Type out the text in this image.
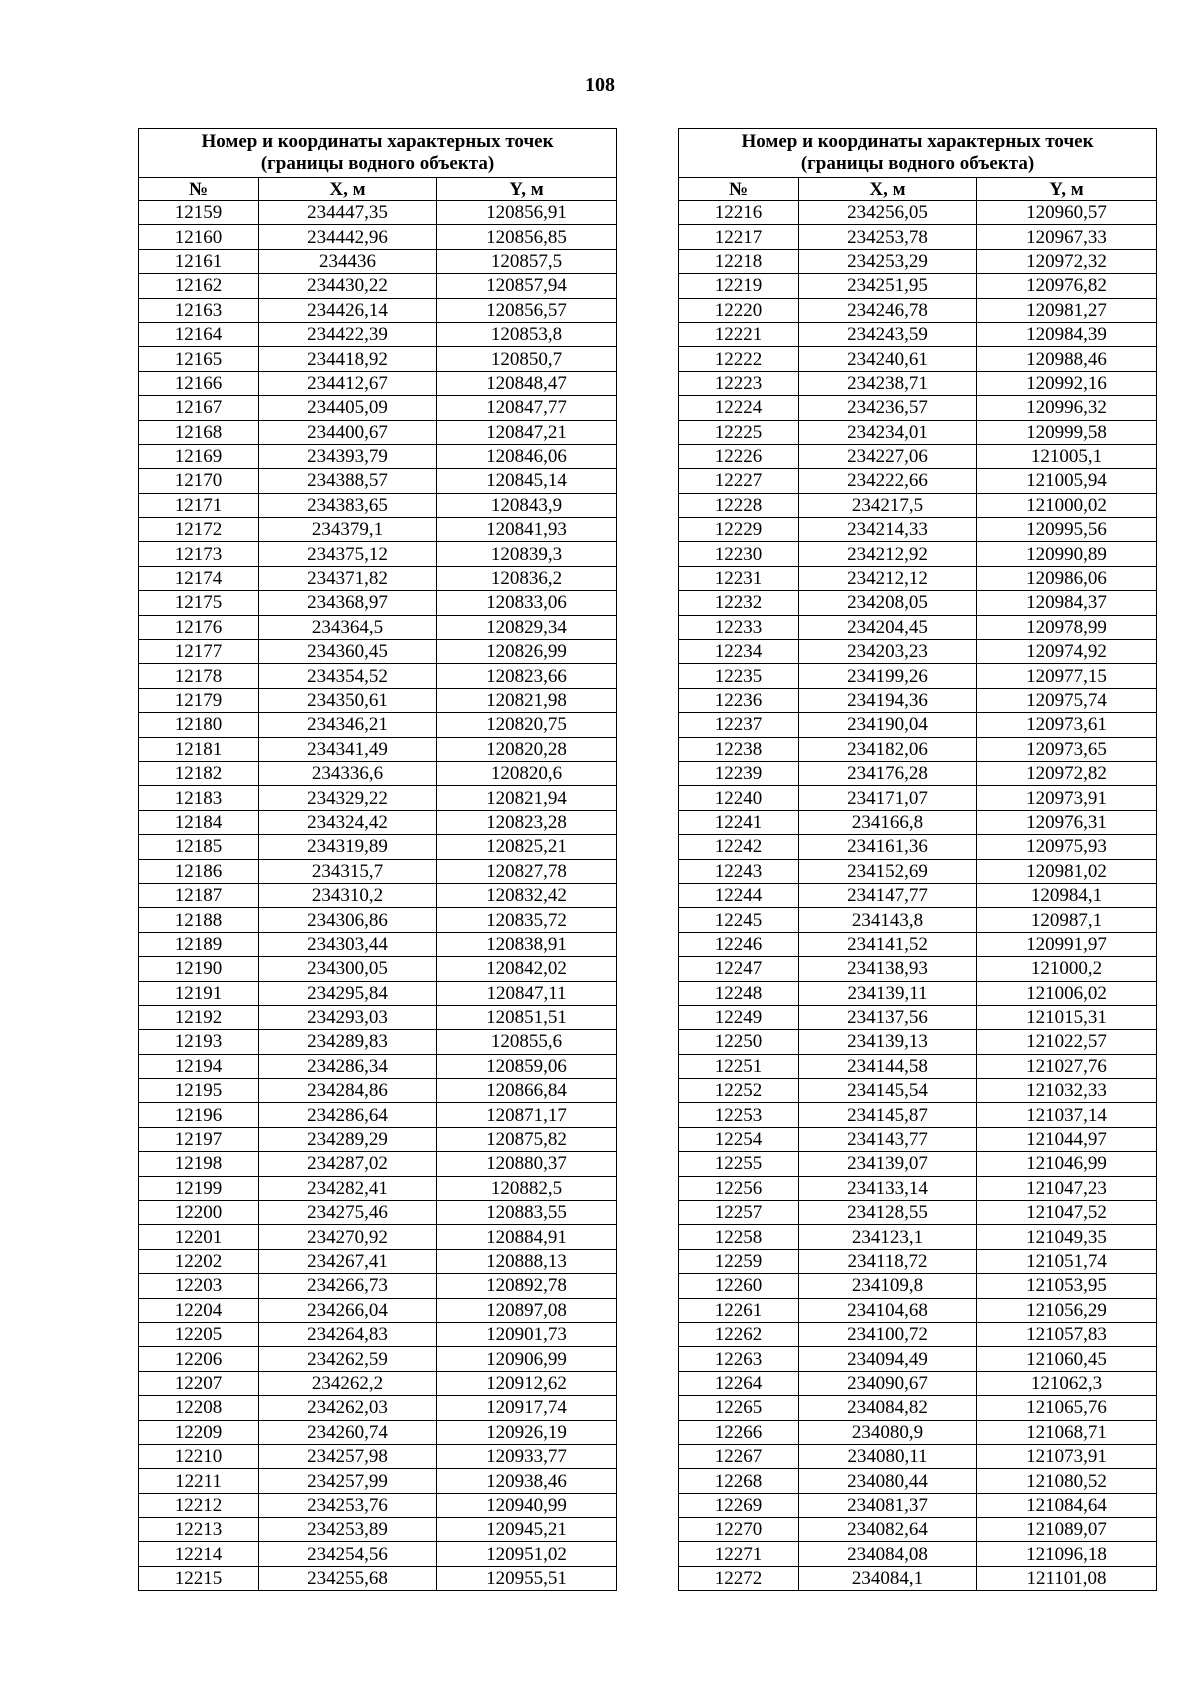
108
Номер и координаты характерных точек
(границы водного объекта)		
№	X, м	Y, м
12159	234447,35	120856,91
12160	234442,96	120856,85
12161	234436	120857,5
12162	234430,22	120857,94
12163	234426,14	120856,57
12164	234422,39	120853,8
12165	234418,92	120850,7
12166	234412,67	120848,47
12167	234405,09	120847,77
12168	234400,67	120847,21
12169	234393,79	120846,06
12170	234388,57	120845,14
12171	234383,65	120843,9
12172	234379,1	120841,93
12173	234375,12	120839,3
12174	234371,82	120836,2
12175	234368,97	120833,06
12176	234364,5	120829,34
12177	234360,45	120826,99
12178	234354,52	120823,66
12179	234350,61	120821,98
12180	234346,21	120820,75
12181	234341,49	120820,28
12182	234336,6	120820,6
12183	234329,22	120821,94
12184	234324,42	120823,28
12185	234319,89	120825,21
12186	234315,7	120827,78
12187	234310,2	120832,42
12188	234306,86	120835,72
12189	234303,44	120838,91
12190	234300,05	120842,02
12191	234295,84	120847,11
12192	234293,03	120851,51
12193	234289,83	120855,6
12194	234286,34	120859,06
12195	234284,86	120866,84
12196	234286,64	120871,17
12197	234289,29	120875,82
12198	234287,02	120880,37
12199	234282,41	120882,5
12200	234275,46	120883,55
12201	234270,92	120884,91
12202	234267,41	120888,13
12203	234266,73	120892,78
12204	234266,04	120897,08
12205	234264,83	120901,73
12206	234262,59	120906,99
12207	234262,2	120912,62
12208	234262,03	120917,74
12209	234260,74	120926,19
12210	234257,98	120933,77
12211	234257,99	120938,46
12212	234253,76	120940,99
12213	234253,89	120945,21
12214	234254,56	120951,02
12215	234255,68	120955,51
Номер и координаты характерных точек
(границы водного объекта)		
№	X, м	Y, м
12216	234256,05	120960,57
12217	234253,78	120967,33
12218	234253,29	120972,32
12219	234251,95	120976,82
12220	234246,78	120981,27
12221	234243,59	120984,39
12222	234240,61	120988,46
12223	234238,71	120992,16
12224	234236,57	120996,32
12225	234234,01	120999,58
12226	234227,06	121005,1
12227	234222,66	121005,94
12228	234217,5	121000,02
12229	234214,33	120995,56
12230	234212,92	120990,89
12231	234212,12	120986,06
12232	234208,05	120984,37
12233	234204,45	120978,99
12234	234203,23	120974,92
12235	234199,26	120977,15
12236	234194,36	120975,74
12237	234190,04	120973,61
12238	234182,06	120973,65
12239	234176,28	120972,82
12240	234171,07	120973,91
12241	234166,8	120976,31
12242	234161,36	120975,93
12243	234152,69	120981,02
12244	234147,77	120984,1
12245	234143,8	120987,1
12246	234141,52	120991,97
12247	234138,93	121000,2
12248	234139,11	121006,02
12249	234137,56	121015,31
12250	234139,13	121022,57
12251	234144,58	121027,76
12252	234145,54	121032,33
12253	234145,87	121037,14
12254	234143,77	121044,97
12255	234139,07	121046,99
12256	234133,14	121047,23
12257	234128,55	121047,52
12258	234123,1	121049,35
12259	234118,72	121051,74
12260	234109,8	121053,95
12261	234104,68	121056,29
12262	234100,72	121057,83
12263	234094,49	121060,45
12264	234090,67	121062,3
12265	234084,82	121065,76
12266	234080,9	121068,71
12267	234080,11	121073,91
12268	234080,44	121080,52
12269	234081,37	121084,64
12270	234082,64	121089,07
12271	234084,08	121096,18
12272	234084,1	121101,08
